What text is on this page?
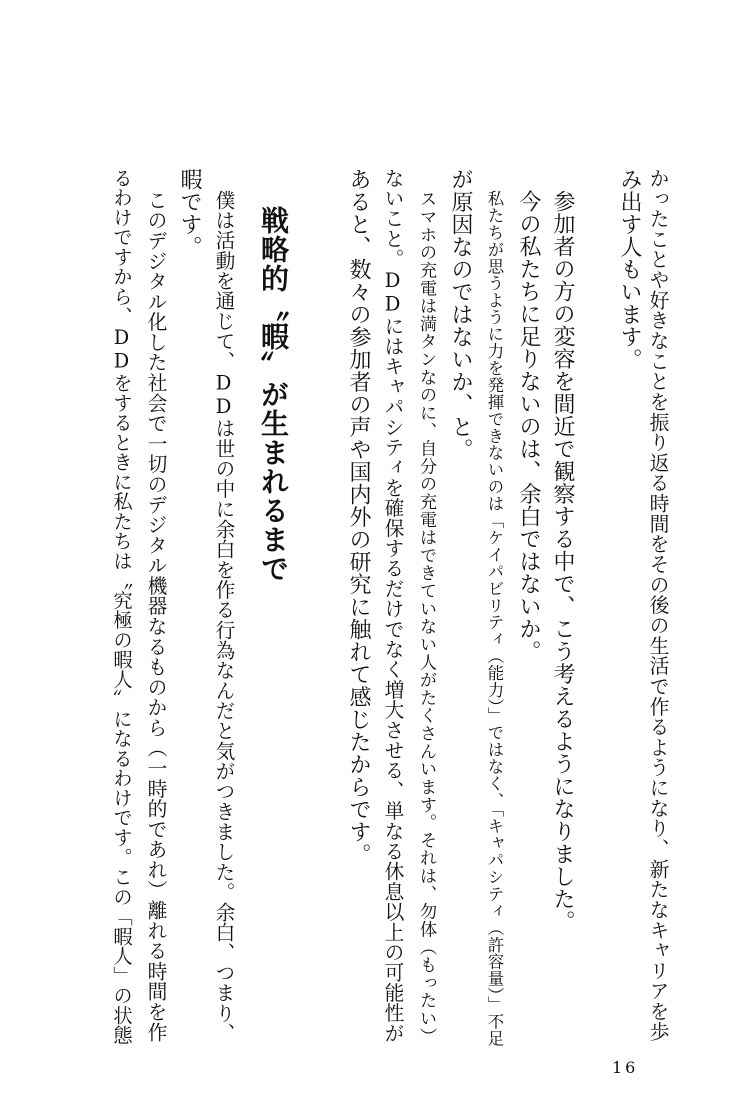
かったことや好きなことを振り返る時間をその後の生活で作るようになり、新たなキャリアを歩

み出す人もいます。

参加者の方の変容を間近で観察する中で、こう考えるようになりました。

今の私たちに足りないのは、余白ではないか。

私たちが思うように力を発揮できないのは「ケイパビリティ（能力）」ではなく、「キャパシティ（許容量）」不足

が原因なのではないか、と。

スマホの充電は満タンなのに、自分の充電はできていない人がたくさんいます。それは、勿体（もったい）

ないこと。DDにはキャパシティを確保するだけでなく増大させる、単なる休息以上の可能性が

あると、数々の参加者の声や国内外の研究に触れて感じたからです。

戦略的〝暇〟が生まれるまで

僕は活動を通じて、DDは世の中に余白を作る行為なんだと気がつきました。余白、つまり、

暇です。

このデジタル化した社会で一切のデジタル機器なるものから（一時的であれ）離れる時間を作

るわけですから、DDをするときに私たちは〝究極の暇人〟になるわけです。この「暇人」の状態

16
